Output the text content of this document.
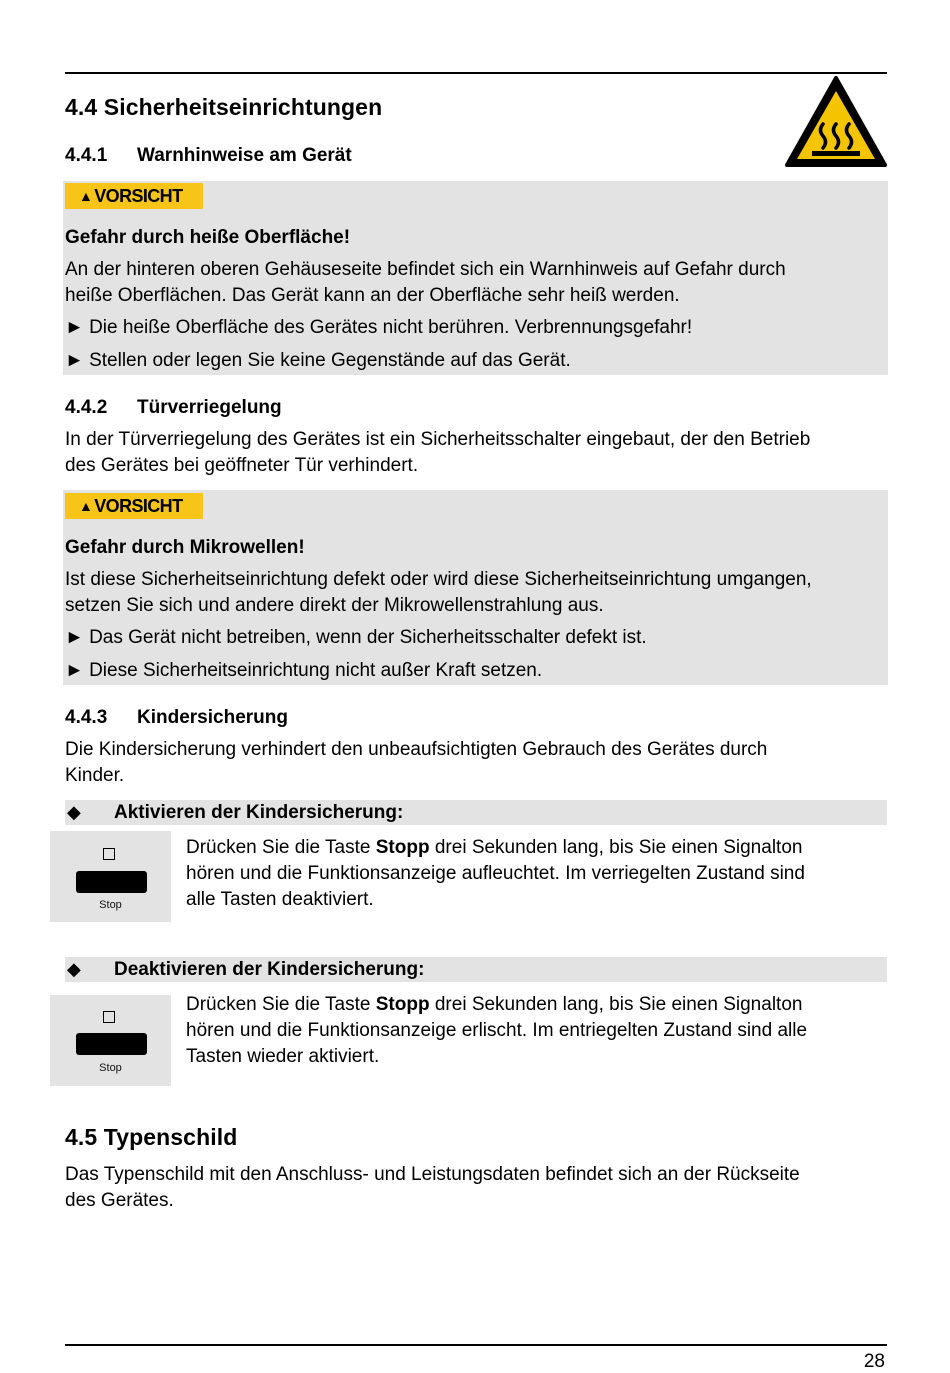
4.4 Sicherheitseinrichtungen
4.4.1 Warnhinweise am Gerät
▲ VORSICHT
Gefahr durch heiße Oberfläche!
An der hinteren oberen Gehäuseseite befindet sich ein Warnhinweis auf Gefahr durch
heiße Oberflächen. Das Gerät kann an der Oberfläche sehr heiß werden.
► Die heiße Oberfläche des Gerätes nicht berühren. Verbrennungsgefahr!
► Stellen oder legen Sie keine Gegenstände auf das Gerät.
4.4.2 Türverriegelung
In der Türverriegelung des Gerätes ist ein Sicherheitsschalter eingebaut, der den Betrieb
des Gerätes bei geöffneter Tür verhindert.
▲ VORSICHT
Gefahr durch Mikrowellen!
Ist diese Sicherheitseinrichtung defekt oder wird diese Sicherheitseinrichtung umgangen,
setzen Sie sich und andere direkt der Mikrowellenstrahlung aus.
► Das Gerät nicht betreiben, wenn der Sicherheitsschalter defekt ist.
► Diese Sicherheitseinrichtung nicht außer Kraft setzen.
4.4.3 Kindersicherung
Die Kindersicherung verhindert den unbeaufsichtigten Gebrauch des Gerätes durch
Kinder.
◆ Aktivieren der Kindersicherung:
Stop
Drücken Sie die Taste Stopp drei Sekunden lang, bis Sie einen Signalton
hören und die Funktionsanzeige aufleuchtet. Im verriegelten Zustand sind
alle Tasten deaktiviert.
◆ Deaktivieren der Kindersicherung:
Stop
Drücken Sie die Taste Stopp drei Sekunden lang, bis Sie einen Signalton
hören und die Funktionsanzeige erlischt. Im entriegelten Zustand sind alle
Tasten wieder aktiviert.
4.5 Typenschild
Das Typenschild mit den Anschluss- und Leistungsdaten befindet sich an der Rückseite
des Gerätes.
28
